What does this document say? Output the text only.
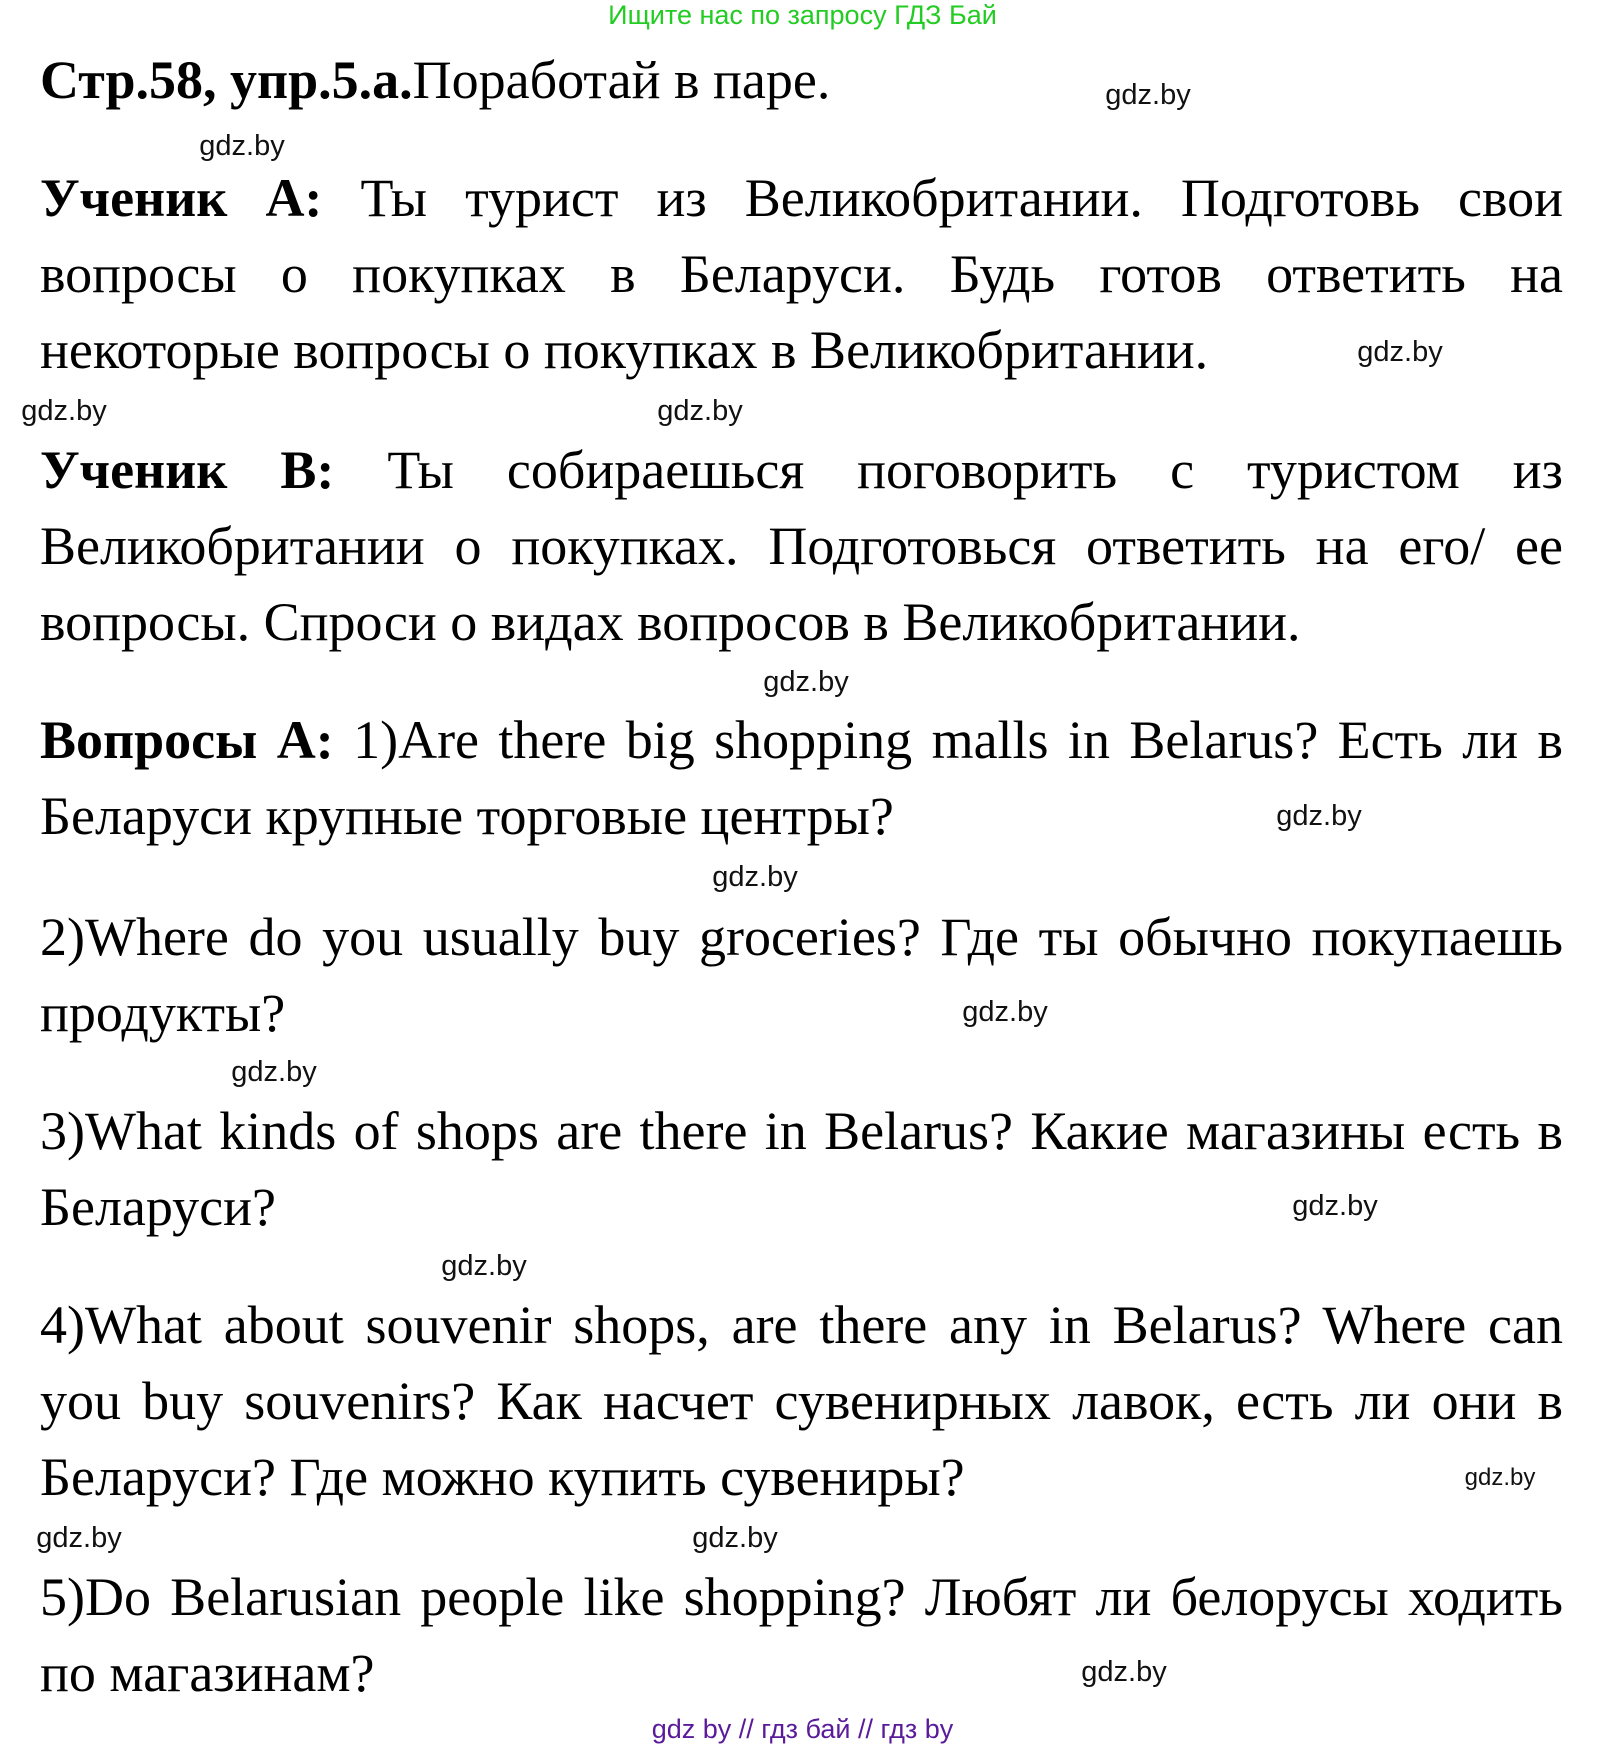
Ищите нас по запросу ГДЗ Бай
Стр.58, упр.5.а.Поработай в паре.
Ученик А: Ты турист из Великобритании. Подготовь свои вопросы о покупках в Беларуси. Будь готов ответить на некоторые вопросы о покупках в Великобритании.
Ученик В: Ты собираешься поговорить с туристом из Великобритании о покупках. Подготовься ответить на его/ ее вопросы. Спроси о видах вопросов в Великобритании.
Вопросы А: 1)Are there big shopping malls in Belarus? Есть ли в Беларуси крупные торговые центры?
2)Where do you usually buy groceries? Где ты обычно покупаешь продукты?
3)What kinds of shops are there in Belarus? Какие магазины есть в Беларуси?
4)What about souvenir shops, are there any in Belarus? Where can you buy souvenirs? Как насчет сувенирных лавок, есть ли они в Беларуси? Где можно купить сувениры?
5)Do Belarusian people like shopping? Любят ли белорусы ходить по магазинам?
gdz.by
gdz.by
gdz.by
gdz.by
gdz.by
gdz.by
gdz.by
gdz.by
gdz.by
gdz.by
gdz.by
gdz.by
gdz.by
gdz.by
gdz.by
gdz.by
gdz by // гдз бай // гдз by
